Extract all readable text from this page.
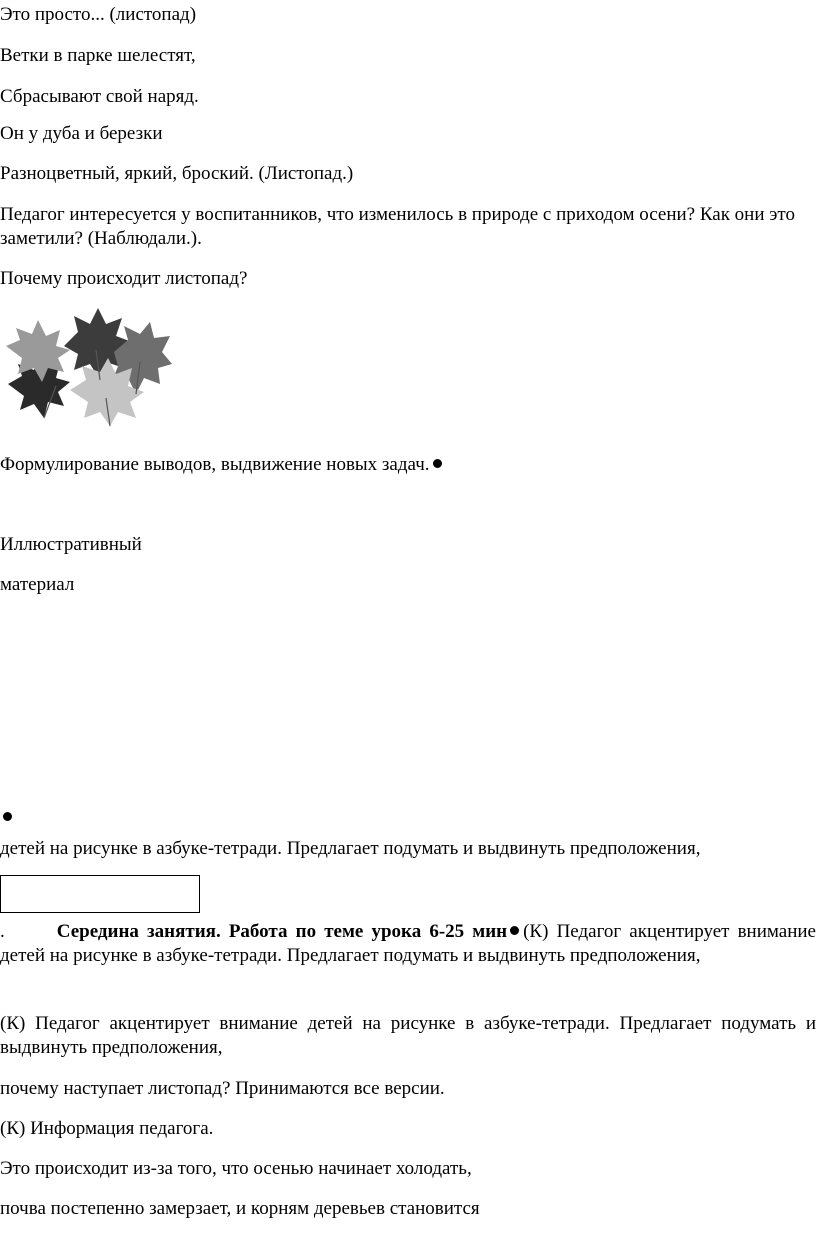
Это просто... (листопад)

Ветки в парке шелестят,

Сбрасывают свой наряд.

Он у дуба и березки

Разноцветный, яркий, броский. (Листопад.)

Педагог интересуется у воспитанников, что изменилось в природе с приходом осени? Как они это заметили? (Наблюдали.).

Почему происходит листопад?

Формулирование выводов, выдвижение новых задач.

Иллюстративный

материал

детей на рисунке в азбуке-тетради. Предлагает подумать и выдвинуть предположения,

.	Середина занятия. Работа по теме урока 6-25 мин (К) Педагог акцентирует внимание детей на рисунке в азбуке-тетради. Предлагает подумать и выдвинуть предположения,

(К) Педагог акцентирует внимание детей на рисунке в азбуке-тетради. Предлагает подумать и выдвинуть предположения,

почему наступает листопад? Принимаются все версии.

(К) Информация педагога.

Это происходит из-за того, что осенью начинает холодать,

почва постепенно замерзает, и корням деревьев становится
